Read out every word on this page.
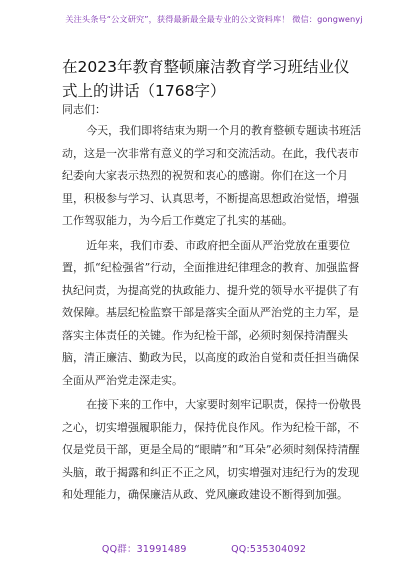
关注头条号“公文研究”，获得最新最全最专业的公文资料库！ 微信：gongwenyj
在2023年教育整顿廉洁教育学习班结业仪式上的讲话（1768字）
同志们：

今天，我们即将结束为期一个月的教育整顿专题读书班活动，这是一次非常有意义的学习和交流活动。在此，我代表市纪委向大家表示热烈的祝贺和衷心的感谢。你们在这一个月里，积极参与学习、认真思考，不断提高思想政治觉悟，增强工作驾驭能力，为今后工作奠定了扎实的基础。

近年来，我们市委、市政府把全面从严治党放在重要位置，抓“纪检强省”行动，全面推进纪律理念的教育、加强监督执纪问责，为提高党的执政能力、提升党的领导水平提供了有效保障。基层纪检监察干部是落实全面从严治党的主力军，是落实主体责任的关键。作为纪检干部，必须时刻保持清醒头脑，清正廉洁、勤政为民，以高度的政治自觉和责任担当确保全面从严治党走深走实。

在接下来的工作中，大家要时刻牢记职责，保持一份敬畏之心，切实增强履职能力，保持优良作风。作为纪检干部，不仅是党员干部，更是全局的“眼睛”和“耳朵”必须时刻保持清醒头脑，敢于揭露和纠正不正之风，切实增强对违纪行为的发现和处理能力，确保廉洁从政、党风廉政建设不断得到加强。

QQ群：31991489	QQ:535304092
